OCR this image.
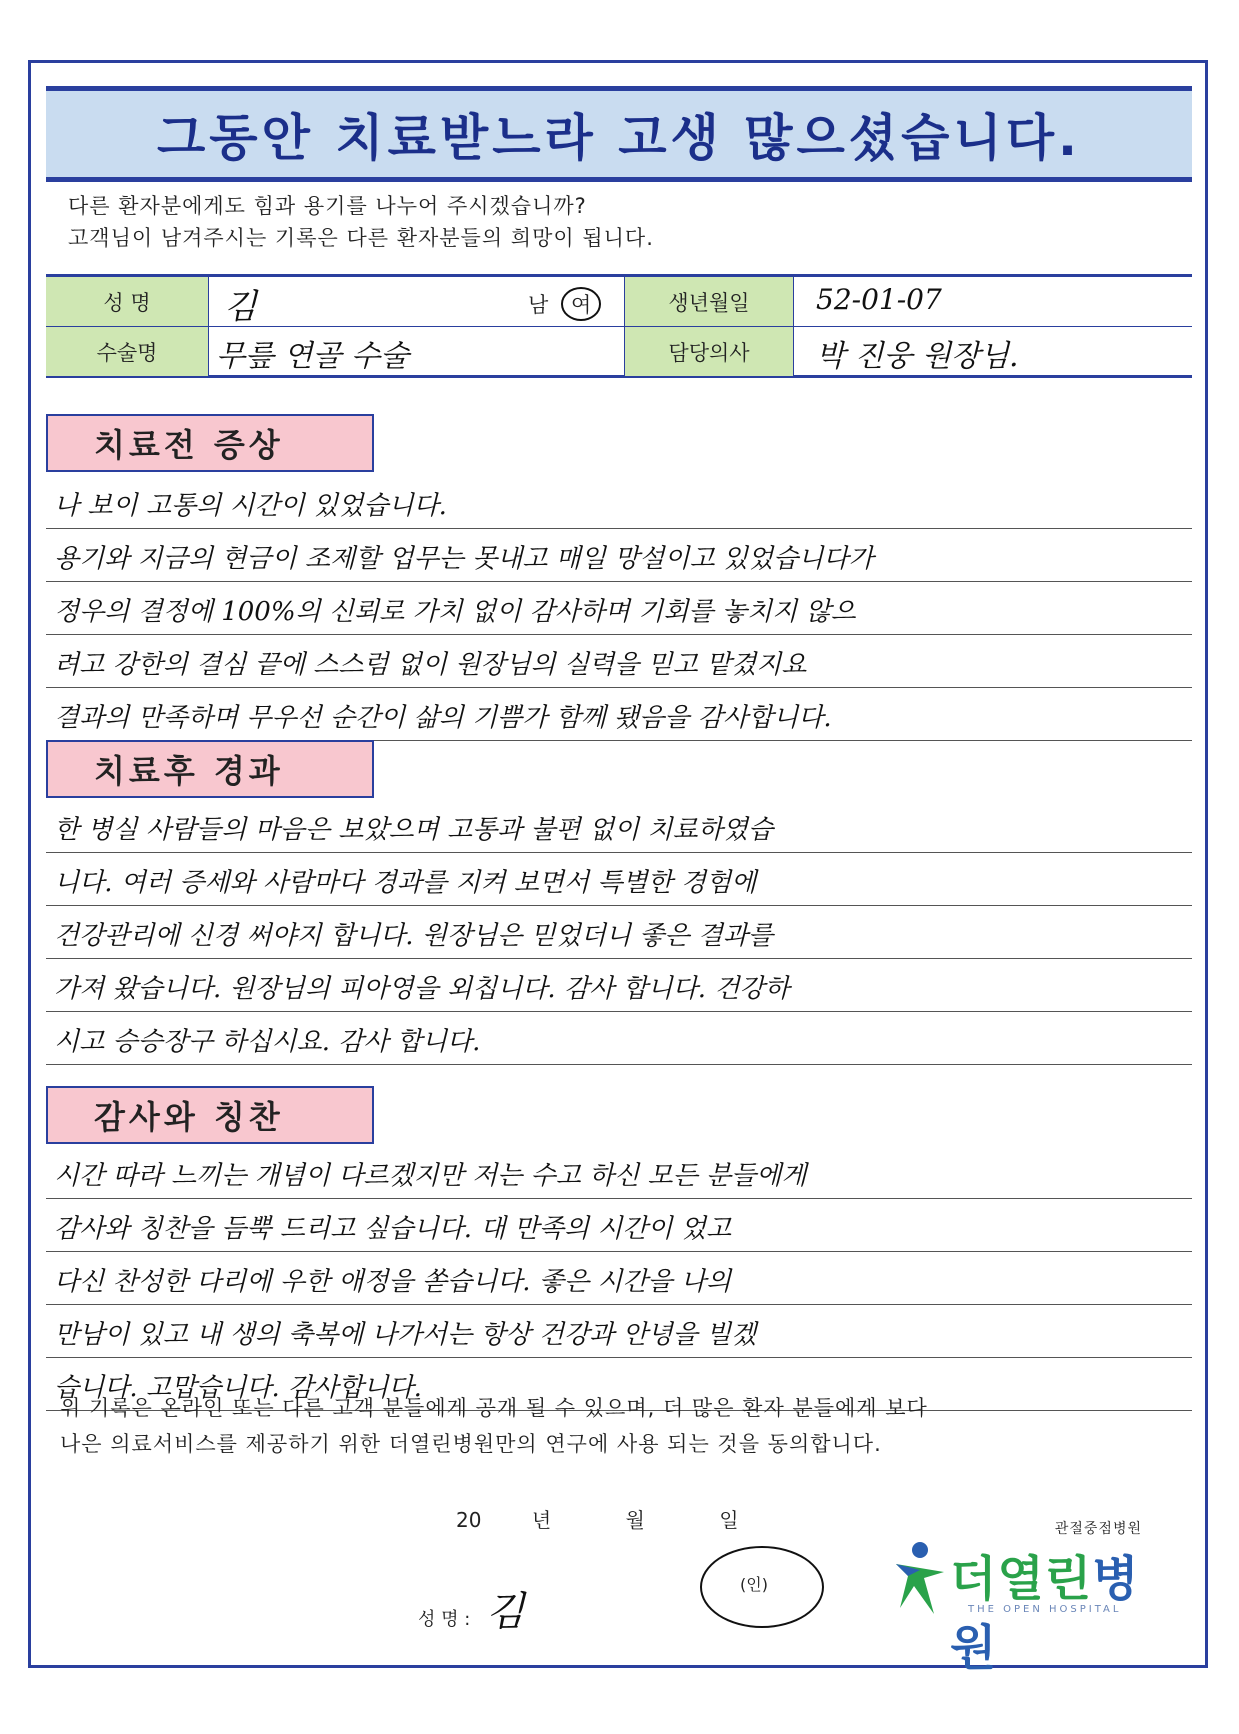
그동안 치료받느라 고생 많으셨습니다.
다른 환자분에게도 힘과 용기를 나누어 주시겠습니까?
고객님이 남겨주시는 기록은 다른 환자분들의 희망이 됩니다.
성 명	김	남 여	생년월일	52-01-07
수술명	무릎 연골 수술	담당의사	박 진웅 원장님.
치료전 증상
나 보이 고통의 시간이 있었습니다.
용기와 지금의 현금이 조제할 업무는 못내고 매일 망설이고 있었습니다가
정우의 결정에 100%의 신뢰로 가치 없이 감사하며 기회를 놓치지 않으
려고 강한의 결심 끝에 스스럼 없이 원장님의 실력을 믿고 맡겼지요
결과의 만족하며 무우선 순간이 삶의 기쁨가 함께 됐음을 감사합니다.
치료후 경과
한 병실 사람들의 마음은 보았으며 고통과 불편 없이 치료하였습
니다. 여러 증세와 사람마다 경과를 지켜 보면서 특별한 경험에
건강관리에 신경 써야지 합니다. 원장님은 믿었더니 좋은 결과를
가져 왔습니다. 원장님의 피아영을 외칩니다. 감사 합니다. 건강하
시고 승승장구 하십시요. 감사 합니다.
감사와 칭찬
시간 따라 느끼는 개념이 다르겠지만 저는 수고 하신 모든 분들에게
감사와 칭찬을 듬뿍 드리고 싶습니다. 대 만족의 시간이 었고
다신 찬성한 다리에 우한 애정을 쏟습니다. 좋은 시간을 나의
만남이 있고 내 생의 축복에 나가서는 항상 건강과 안녕을 빌겠
습니다. 고맙습니다. 감사합니다.
위 기록은 온라인 또는 다른 고객 분들에게 공개 될 수 있으며, 더 많은 환자 분들에게 보다
나은 의료서비스를 제공하기 위한 더열린병원만의 연구에 사용 되는 것을 동의합니다.
20	년	월	일
성 명 : 김
(인)
관절중점병원
더열린병원
THE OPEN HOSPITAL
